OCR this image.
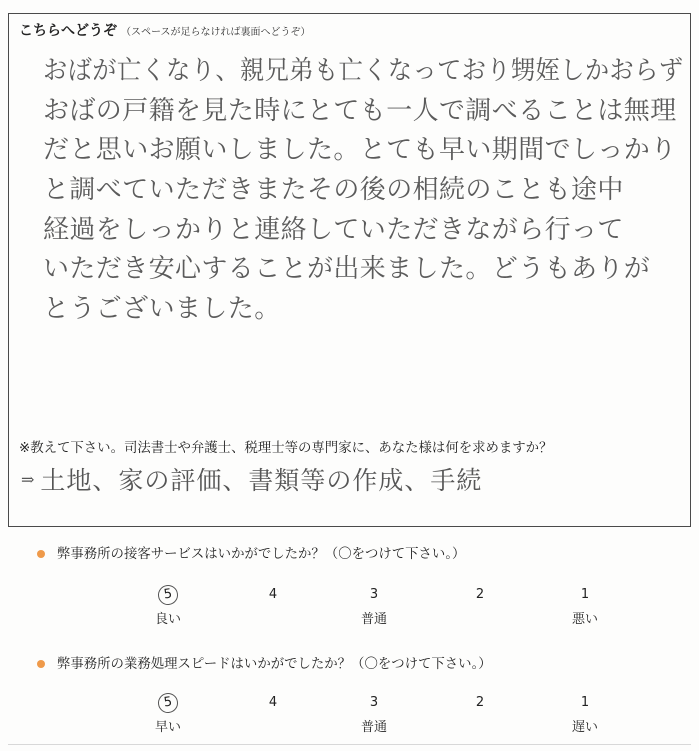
こちらへどうぞ （スペースが足らなければ裏面へどうぞ）
おばが亡くなり、親兄弟も亡くなっており甥姪しかおらず
おばの戸籍を見た時にとても一人で調べることは無理
だと思いお願いしました。とても早い期間でしっかり
と調べていただきまたその後の相続のことも途中
経過をしっかりと連絡していただきながら行って
いただき安心することが出来ました。どうもありが
とうございました。
※教えて下さい。司法書士や弁護士、税理士等の専門家に、あなた様は何を求めますか？
⇒ 土地、家の評価、書類等の作成、手続
弊事務所の接客サービスはいかがでしたか？（〇をつけて下さい。）
5
良い
4	3
普通
2	1
悪い
弊事務所の業務処理スピードはいかがでしたか？（〇をつけて下さい。）
5
早い
4	3
普通
2	1
遅い
